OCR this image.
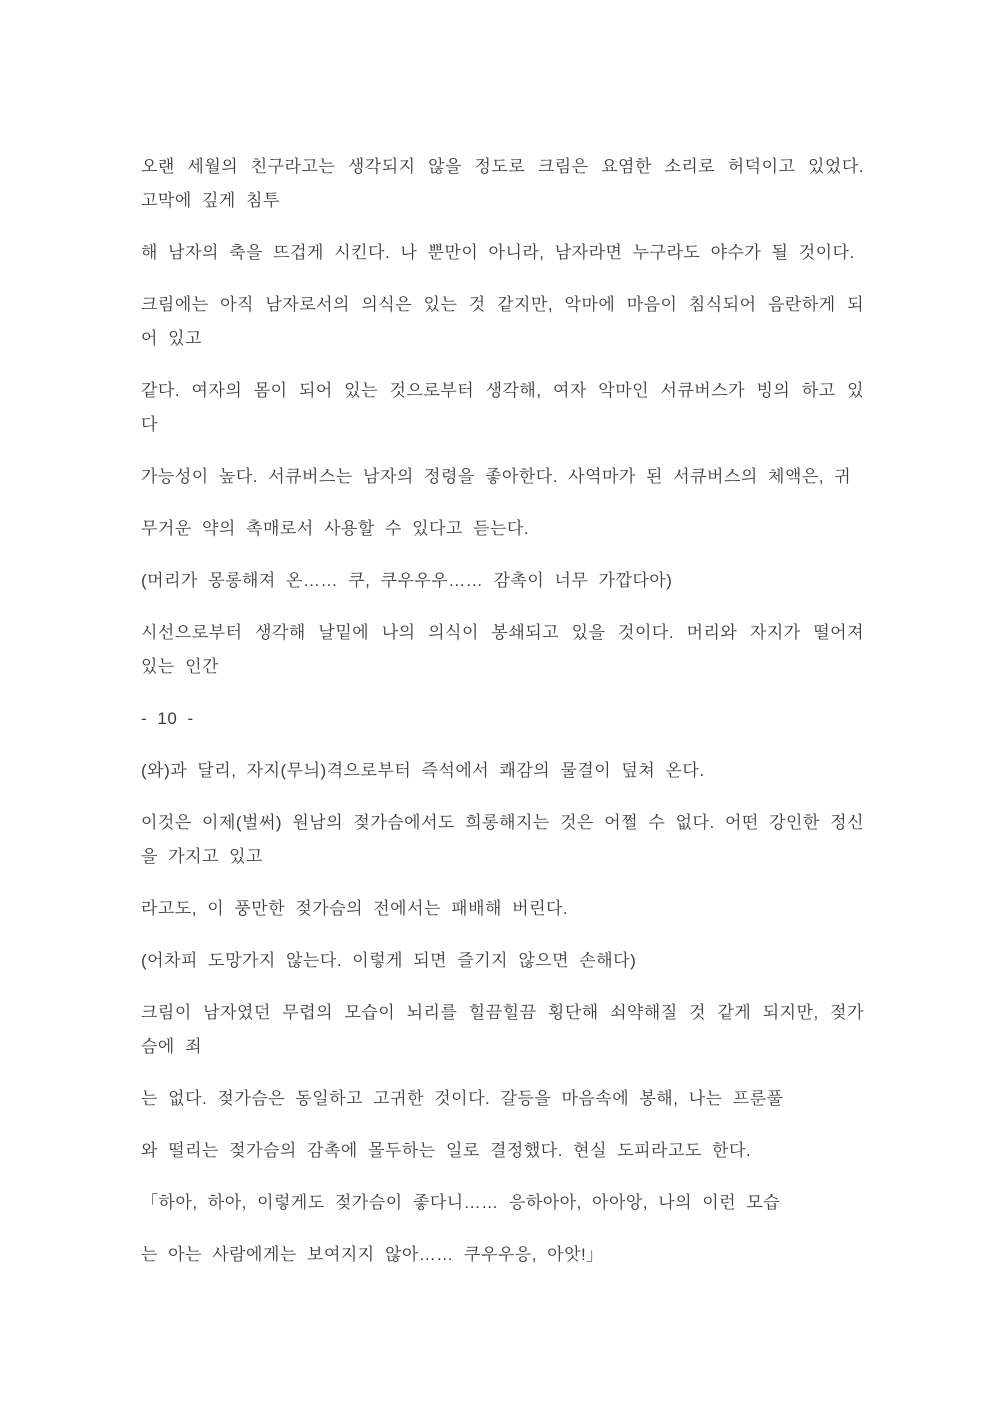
오랜 세월의 친구라고는 생각되지 않을 정도로 크림은 요염한 소리로 허덕이고 있었다. 고막에 깊게 침투

해 남자의 축을 뜨겁게 시킨다. 나 뿐만이 아니라, 남자라면 누구라도 야수가 될 것이다.

크림에는 아직 남자로서의 의식은 있는 것 같지만, 악마에 마음이 침식되어 음란하게 되어 있고

같다. 여자의 몸이 되어 있는 것으로부터 생각해, 여자 악마인 서큐버스가 빙의 하고 있다

가능성이 높다. 서큐버스는 남자의 정령을 좋아한다. 사역마가 된 서큐버스의 체액은, 귀

무거운 약의 촉매로서 사용할 수 있다고 듣는다.

(머리가 몽롱해져 온…… 쿠, 쿠우우우…… 감촉이 너무 가깝다아)

시선으로부터 생각해 날밑에 나의 의식이 봉쇄되고 있을 것이다. 머리와 자지가 떨어져 있는 인간

- 10 -

(와)과 달리, 자지(무늬)격으로부터 즉석에서 쾌감의 물결이 덮쳐 온다.

이것은 이제(벌써) 원남의 젖가슴에서도 희롱해지는 것은 어쩔 수 없다. 어떤 강인한 정신을 가지고 있고

라고도, 이 풍만한 젖가슴의 전에서는 패배해 버린다.

(어차피 도망가지 않는다. 이렇게 되면 즐기지 않으면 손해다)

크림이 남자였던 무렵의 모습이 뇌리를 힐끔힐끔 횡단해 쇠약해질 것 같게 되지만, 젖가슴에 죄

는 없다. 젖가슴은 동일하고 고귀한 것이다. 갈등을 마음속에 봉해, 나는 프룬풀

와 떨리는 젖가슴의 감촉에 몰두하는 일로 결정했다. 현실 도피라고도 한다.

「하아, 하아, 이렇게도 젖가슴이 좋다니…… 응하아아, 아아앙, 나의 이런 모습

는 아는 사람에게는 보여지지 않아…… 쿠우우응, 아앗!」
